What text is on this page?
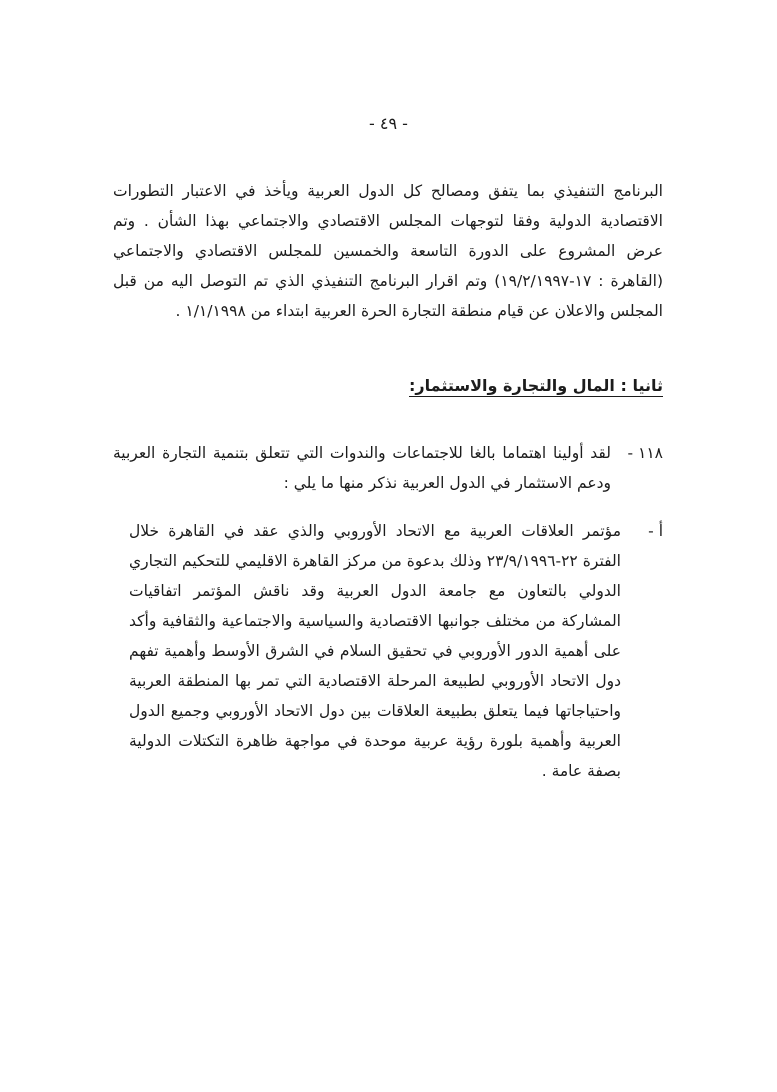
- ٤٩ -

البرنامج التنفيذي بما يتفق ومصالح كل الدول العربية ويأخذ في الاعتبار التطورات الاقتصادية الدولية وفقا لتوجهات المجلس الاقتصادي والاجتماعي بهذا الشأن . وتم عرض المشروع على الدورة التاسعة والخمسين للمجلس الاقتصادي والاجتماعي (القاهرة : ١٧-١٩/٢/١٩٩٧) وتم اقرار البرنامج التنفيذي الذي تم التوصل اليه من قبل المجلس والاعلان عن قيام منطقة التجارة الحرة العربية ابتداء من ١/١/١٩٩٨ .

ثانيا : المال والتجارة والاستثمار:
١١٨ -
لقد أولينا اهتماما بالغا للاجتماعات والندوات التي تتعلق بتنمية التجارة العربية ودعم الاستثمار في الدول العربية نذكر منها ما يلي :
أ -
مؤتمر العلاقات العربية مع الاتحاد الأوروبي والذي عقد في القاهرة خلال الفترة ٢٢-٢٣/٩/١٩٩٦ وذلك بدعوة من مركز القاهرة الاقليمي للتحكيم التجاري الدولي بالتعاون مع جامعة الدول العربية وقد ناقش المؤتمر اتفاقيات المشاركة من مختلف جوانبها الاقتصادية والسياسية والاجتماعية والثقافية وأكد على أهمية الدور الأوروبي في تحقيق السلام في الشرق الأوسط وأهمية تفهم دول الاتحاد الأوروبي لطبيعة المرحلة الاقتصادية التي تمر بها المنطقة العربية واحتياجاتها فيما يتعلق بطبيعة العلاقات بين دول الاتحاد الأوروبي وجميع الدول العربية وأهمية بلورة رؤية عربية موحدة في مواجهة ظاهرة التكتلات الدولية بصفة عامة .
